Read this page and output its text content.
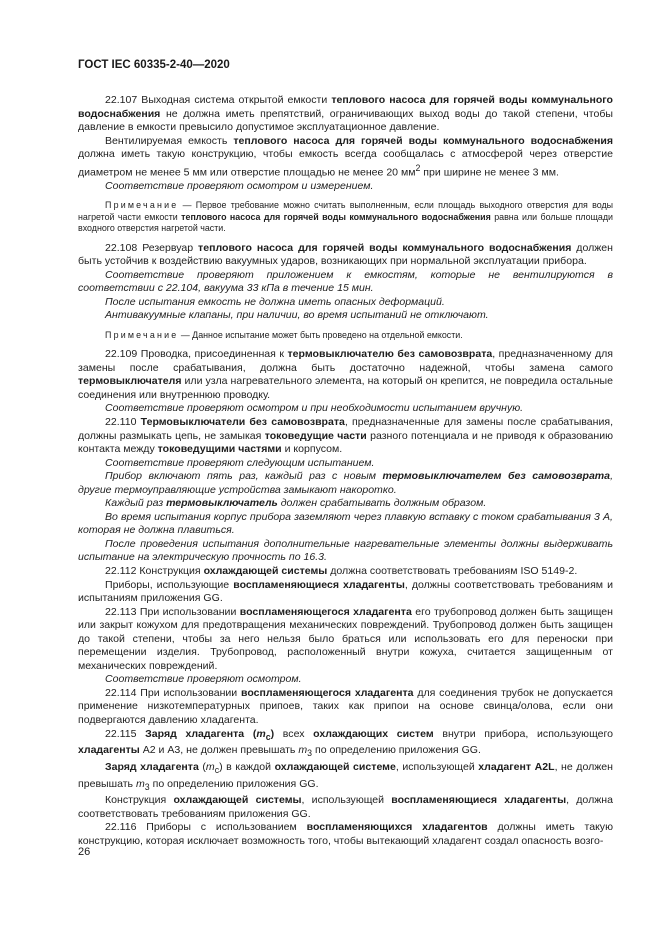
ГОСТ IEC 60335-2-40—2020

22.107 Выходная система открытой емкости теплового насоса для горячей воды коммунального водоснабжения не должна иметь препятствий, ограничивающих выход воды до такой степени, чтобы давление в емкости превысило допустимое эксплуатационное давление.

Вентилируемая емкость теплового насоса для горячей воды коммунального водоснабжения должна иметь такую конструкцию, чтобы емкость всегда сообщалась с атмосферой через отверстие диаметром не менее 5 мм или отверстие площадью не менее 20 $мм^2$ при ширине не менее 3 мм.

Соответствие проверяют осмотром и измерением.

Примечание — Первое требование можно считать выполненным, если площадь выходного отверстия для воды нагретой части емкости теплового насоса для горячей воды коммунального водоснабжения равна или больше площади входного отверстия нагретой части.

22.108 Резервуар теплового насоса для горячей воды коммунального водоснабжения должен быть устойчив к воздействию вакуумных ударов, возникающих при нормальной эксплуатации прибора.

Соответствие проверяют приложением к емкостям, которые не вентилируются в соответствии с 22.104, вакуума 33 кПа в течение 15 мин.

После испытания емкость не должна иметь опасных деформаций.

Антивакуумные клапаны, при наличии, во время испытаний не отключают.

Примечание — Данное испытание может быть проведено на отдельной емкости.

22.109 Проводка, присоединенная к термовыключателю без самовозврата, предназначенному для замены после срабатывания, должна быть достаточно надежной, чтобы замена самого термовыключателя или узла нагревательного элемента, на который он крепится, не повредила остальные соединения или внутреннюю проводку.

Соответствие проверяют осмотром и при необходимости испытанием вручную.

22.110 Термовыключатели без самовозврата, предназначенные для замены после срабатывания, должны размыкать цепь, не замыкая токоведущие части разного потенциала и не приводя к образованию контакта между токоведущими частями и корпусом.

Соответствие проверяют следующим испытанием.

Прибор включают пять раз, каждый раз с новым термовыключателем без самовозврата, другие термоуправляющие устройства замыкают накоротко.

Каждый раз термовыключатель должен срабатывать должным образом.

Во время испытания корпус прибора заземляют через плавкую вставку с током срабатывания 3 А, которая не должна плавиться.

После проведения испытания дополнительные нагревательные элементы должны выдерживать испытание на электрическую прочность по 16.3.

22.112 Конструкция охлаждающей системы должна соответствовать требованиям ISO 5149-2.

Приборы, использующие воспламеняющиеся хладагенты, должны соответствовать требованиям и испытаниям приложения GG.

22.113 При использовании воспламеняющегося хладагента его трубопровод должен быть защищен или закрыт кожухом для предотвращения механических повреждений. Трубопровод должен быть защищен до такой степени, чтобы за него нельзя было браться или использовать его для переноски при перемещении изделия. Трубопровод, расположенный внутри кожуха, считается защищенным от механических повреждений.

Соответствие проверяют осмотром.

22.114 При использовании воспламеняющегося хладагента для соединения трубок не допускается применение низкотемпературных припоев, таких как припои на основе свинца/олова, если они подвергаются давлению хладагента.

22.115 Заряд хладагента $(m_c)$ всех охлаждающих систем внутри прибора, использующего хладагенты А2 и А3, не должен превышать $m_3$ по определению приложения GG.

Заряд хладагента $(m_c)$ в каждой охлаждающей системе, использующей хладагент A2L, не должен превышать $m_3$ по определению приложения GG.

Конструкция охлаждающей системы, использующей воспламеняющиеся хладагенты, должна соответствовать требованиям приложения GG.

22.116 Приборы с использованием воспламеняющихся хладагентов должны иметь такую конструкцию, которая исключает возможность того, чтобы вытекающий хладагент создал опасность возго-

26
